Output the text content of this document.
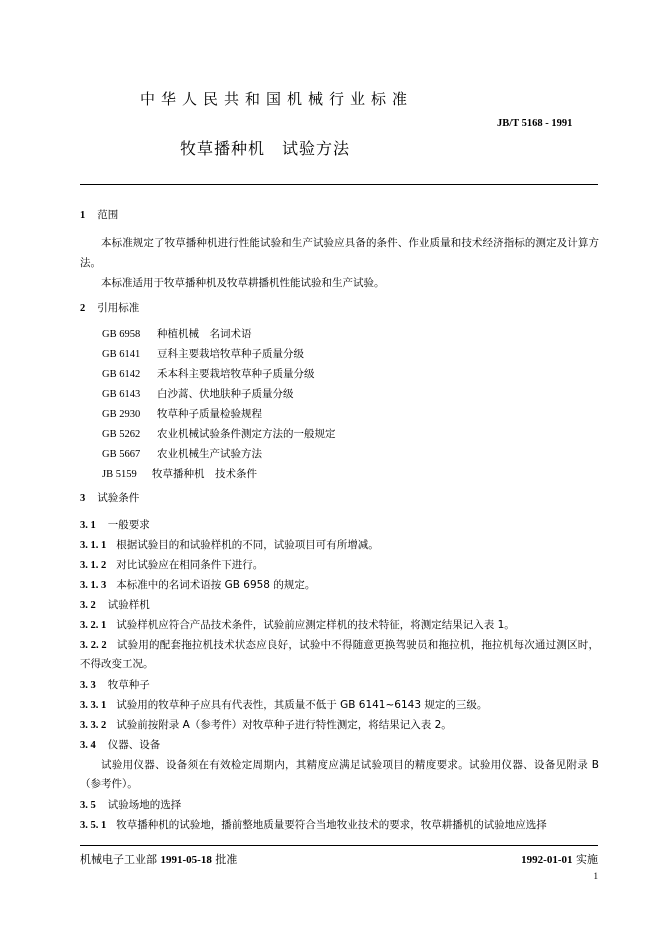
中华人民共和国机械行业标准
JB/T 5168 - 1991
牧草播种机　试验方法
1 范围
本标准规定了牧草播种机进行性能试验和生产试验应具备的条件、作业质量和技术经济指标的测定及计算方法。
本标准适用于牧草播种机及牧草耕播机性能试验和生产试验。
2 引用标准
GB 6958 种植机械　名词术语
GB 6141 豆科主要栽培牧草种子质量分级
GB 6142 禾本科主要栽培牧草种子质量分级
GB 6143 白沙蒿、伏地肤种子质量分级
GB 2930 牧草种子质量检验规程
GB 5262 农业机械试验条件测定方法的一般规定
GB 5667 农业机械生产试验方法
JB 5159 牧草播种机　技术条件
3 试验条件
3. 1 一般要求
3. 1. 1 根据试验目的和试验样机的不同，试验项目可有所增减。
3. 1. 2 对比试验应在相同条件下进行。
3. 1. 3 本标准中的名词术语按 GB 6958 的规定。
3. 2 试验样机
3. 2. 1 试验样机应符合产品技术条件，试验前应测定样机的技术特征，将测定结果记入表 1。
3. 2. 2 试验用的配套拖拉机技术状态应良好，试验中不得随意更换驾驶员和拖拉机，拖拉机每次通过测区时，不得改变工况。
3. 3 牧草种子
3. 3. 1 试验用的牧草种子应具有代表性，其质量不低于 GB 6141~6143 规定的三级。
3. 3. 2 试验前按附录 A（参考件）对牧草种子进行特性测定，将结果记入表 2。
3. 4 仪器、设备
试验用仪器、设备须在有效检定周期内，其精度应满足试验项目的精度要求。试验用仪器、设备见附录 B（参考件）。
3. 5 试验场地的选择
3. 5. 1 牧草播种机的试验地，播前整地质量要符合当地牧业技术的要求，牧草耕播机的试验地应选择
机械电子工业部 1991-05-18 批准	1992-01-01 实施
1
